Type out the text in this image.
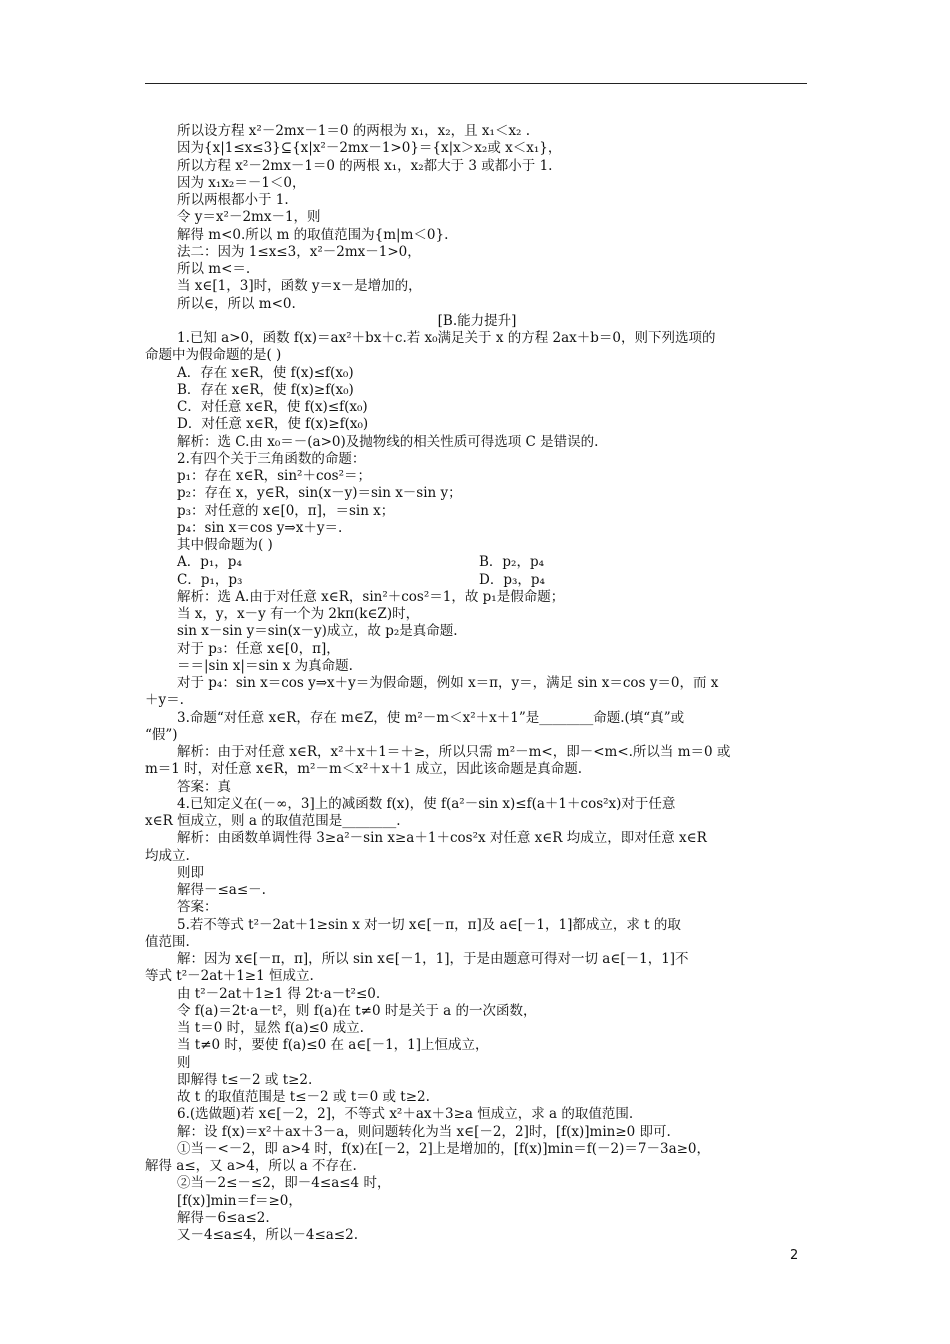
所以设方程 x²－2mx－1＝0 的两根为 x₁，x₂，且 x₁＜x₂ .
因为{x|1≤x≤3}⊆{x|x²－2mx－1>0}＝{x|x＞x₂或 x＜x₁}，
所以方程 x²－2mx－1＝0 的两根 x₁，x₂都大于 3 或都小于 1.
因为 x₁x₂＝－1＜0，
所以两根都小于 1.
令 y＝x²－2mx－1，则
解得 m<0.所以 m 的取值范围为{m|m＜0}.
法二：因为 1≤x≤3，x²－2mx－1>0，
所以 m<＝.
当 x∈[1，3]时，函数 y＝x－是增加的，
所以∈，所以 m<0.
[B.能力提升]
1.已知 a>0，函数 f(x)＝ax²＋bx＋c.若 x₀满足关于 x 的方程 2ax＋b＝0，则下列选项的
命题中为假命题的是( )
A．存在 x∈R，使 f(x)≤f(x₀)
B．存在 x∈R，使 f(x)≥f(x₀)
C．对任意 x∈R，使 f(x)≤f(x₀)
D．对任意 x∈R，使 f(x)≥f(x₀)
解析：选 C.由 x₀＝－(a>0)及抛物线的相关性质可得选项 C 是错误的.
2.有四个关于三角函数的命题：
p₁：存在 x∈R，sin²＋cos²＝；
p₂：存在 x，y∈R，sin(x－y)＝sin x－sin y；
p₃：对任意的 x∈[0，π]，＝sin x；
p₄：sin x＝cos y⇒x＋y＝.
其中假命题为( )
A．p₁，p₄	B．p₂，p₄
C．p₁，p₃	D．p₃，p₄
解析：选 A.由于对任意 x∈R，sin²＋cos²＝1，故 p₁是假命题；
当 x，y，x－y 有一个为 2kπ(k∈Z)时，
sin x－sin y＝sin(x－y)成立，故 p₂是真命题.
对于 p₃：任意 x∈[0，π]，
＝＝|sin x|＝sin x 为真命题.
对于 p₄：sin x＝cos y⇒x＋y＝为假命题，例如 x＝π，y＝，满足 sin x＝cos y＝0，而 x
＋y＝.
3.命题“对任意 x∈R，存在 m∈Z，使 m²－m＜x²＋x＋1”是________命题.(填“真”或
“假”)
解析：由于对任意 x∈R，x²＋x＋1＝＋≥，所以只需 m²－m<，即－<m<.所以当 m＝0 或
m＝1 时，对任意 x∈R，m²－m＜x²＋x＋1 成立，因此该命题是真命题.
答案：真
4.已知定义在(－∞，3]上的减函数 f(x)，使 f(a²－sin x)≤f(a＋1＋cos²x)对于任意
x∈R 恒成立，则 a 的取值范围是________.
解析：由函数单调性得 3≥a²－sin x≥a＋1＋cos²x 对任意 x∈R 均成立，即对任意 x∈R
均成立.
则即
解得－≤a≤－.
答案：
5.若不等式 t²－2at＋1≥sin x 对一切 x∈[－π，π]及 a∈[－1，1]都成立，求 t 的取
值范围.
解：因为 x∈[－π，π]，所以 sin x∈[－1，1]，于是由题意可得对一切 a∈[－1，1]不
等式 t²－2at＋1≥1 恒成立.
由 t²－2at＋1≥1 得 2t·a－t²≤0.
令 f(a)＝2t·a－t²，则 f(a)在 t≠0 时是关于 a 的一次函数，
当 t＝0 时，显然 f(a)≤0 成立.
当 t≠0 时，要使 f(a)≤0 在 a∈[－1，1]上恒成立，
则
即解得 t≤－2 或 t≥2.
故 t 的取值范围是 t≤－2 或 t＝0 或 t≥2.
6.(选做题)若 x∈[－2，2]，不等式 x²＋ax＋3≥a 恒成立，求 a 的取值范围.
解：设 f(x)＝x²＋ax＋3－a，则问题转化为当 x∈[－2，2]时，[f(x)]min≥0 即可.
①当－<－2，即 a>4 时，f(x)在[－2，2]上是增加的，[f(x)]min＝f(－2)＝7－3a≥0，
解得 a≤，又 a>4，所以 a 不存在.
②当－2≤－≤2，即－4≤a≤4 时，
[f(x)]min＝f＝≥0，
解得－6≤a≤2.
又－4≤a≤4，所以－4≤a≤2.
2
